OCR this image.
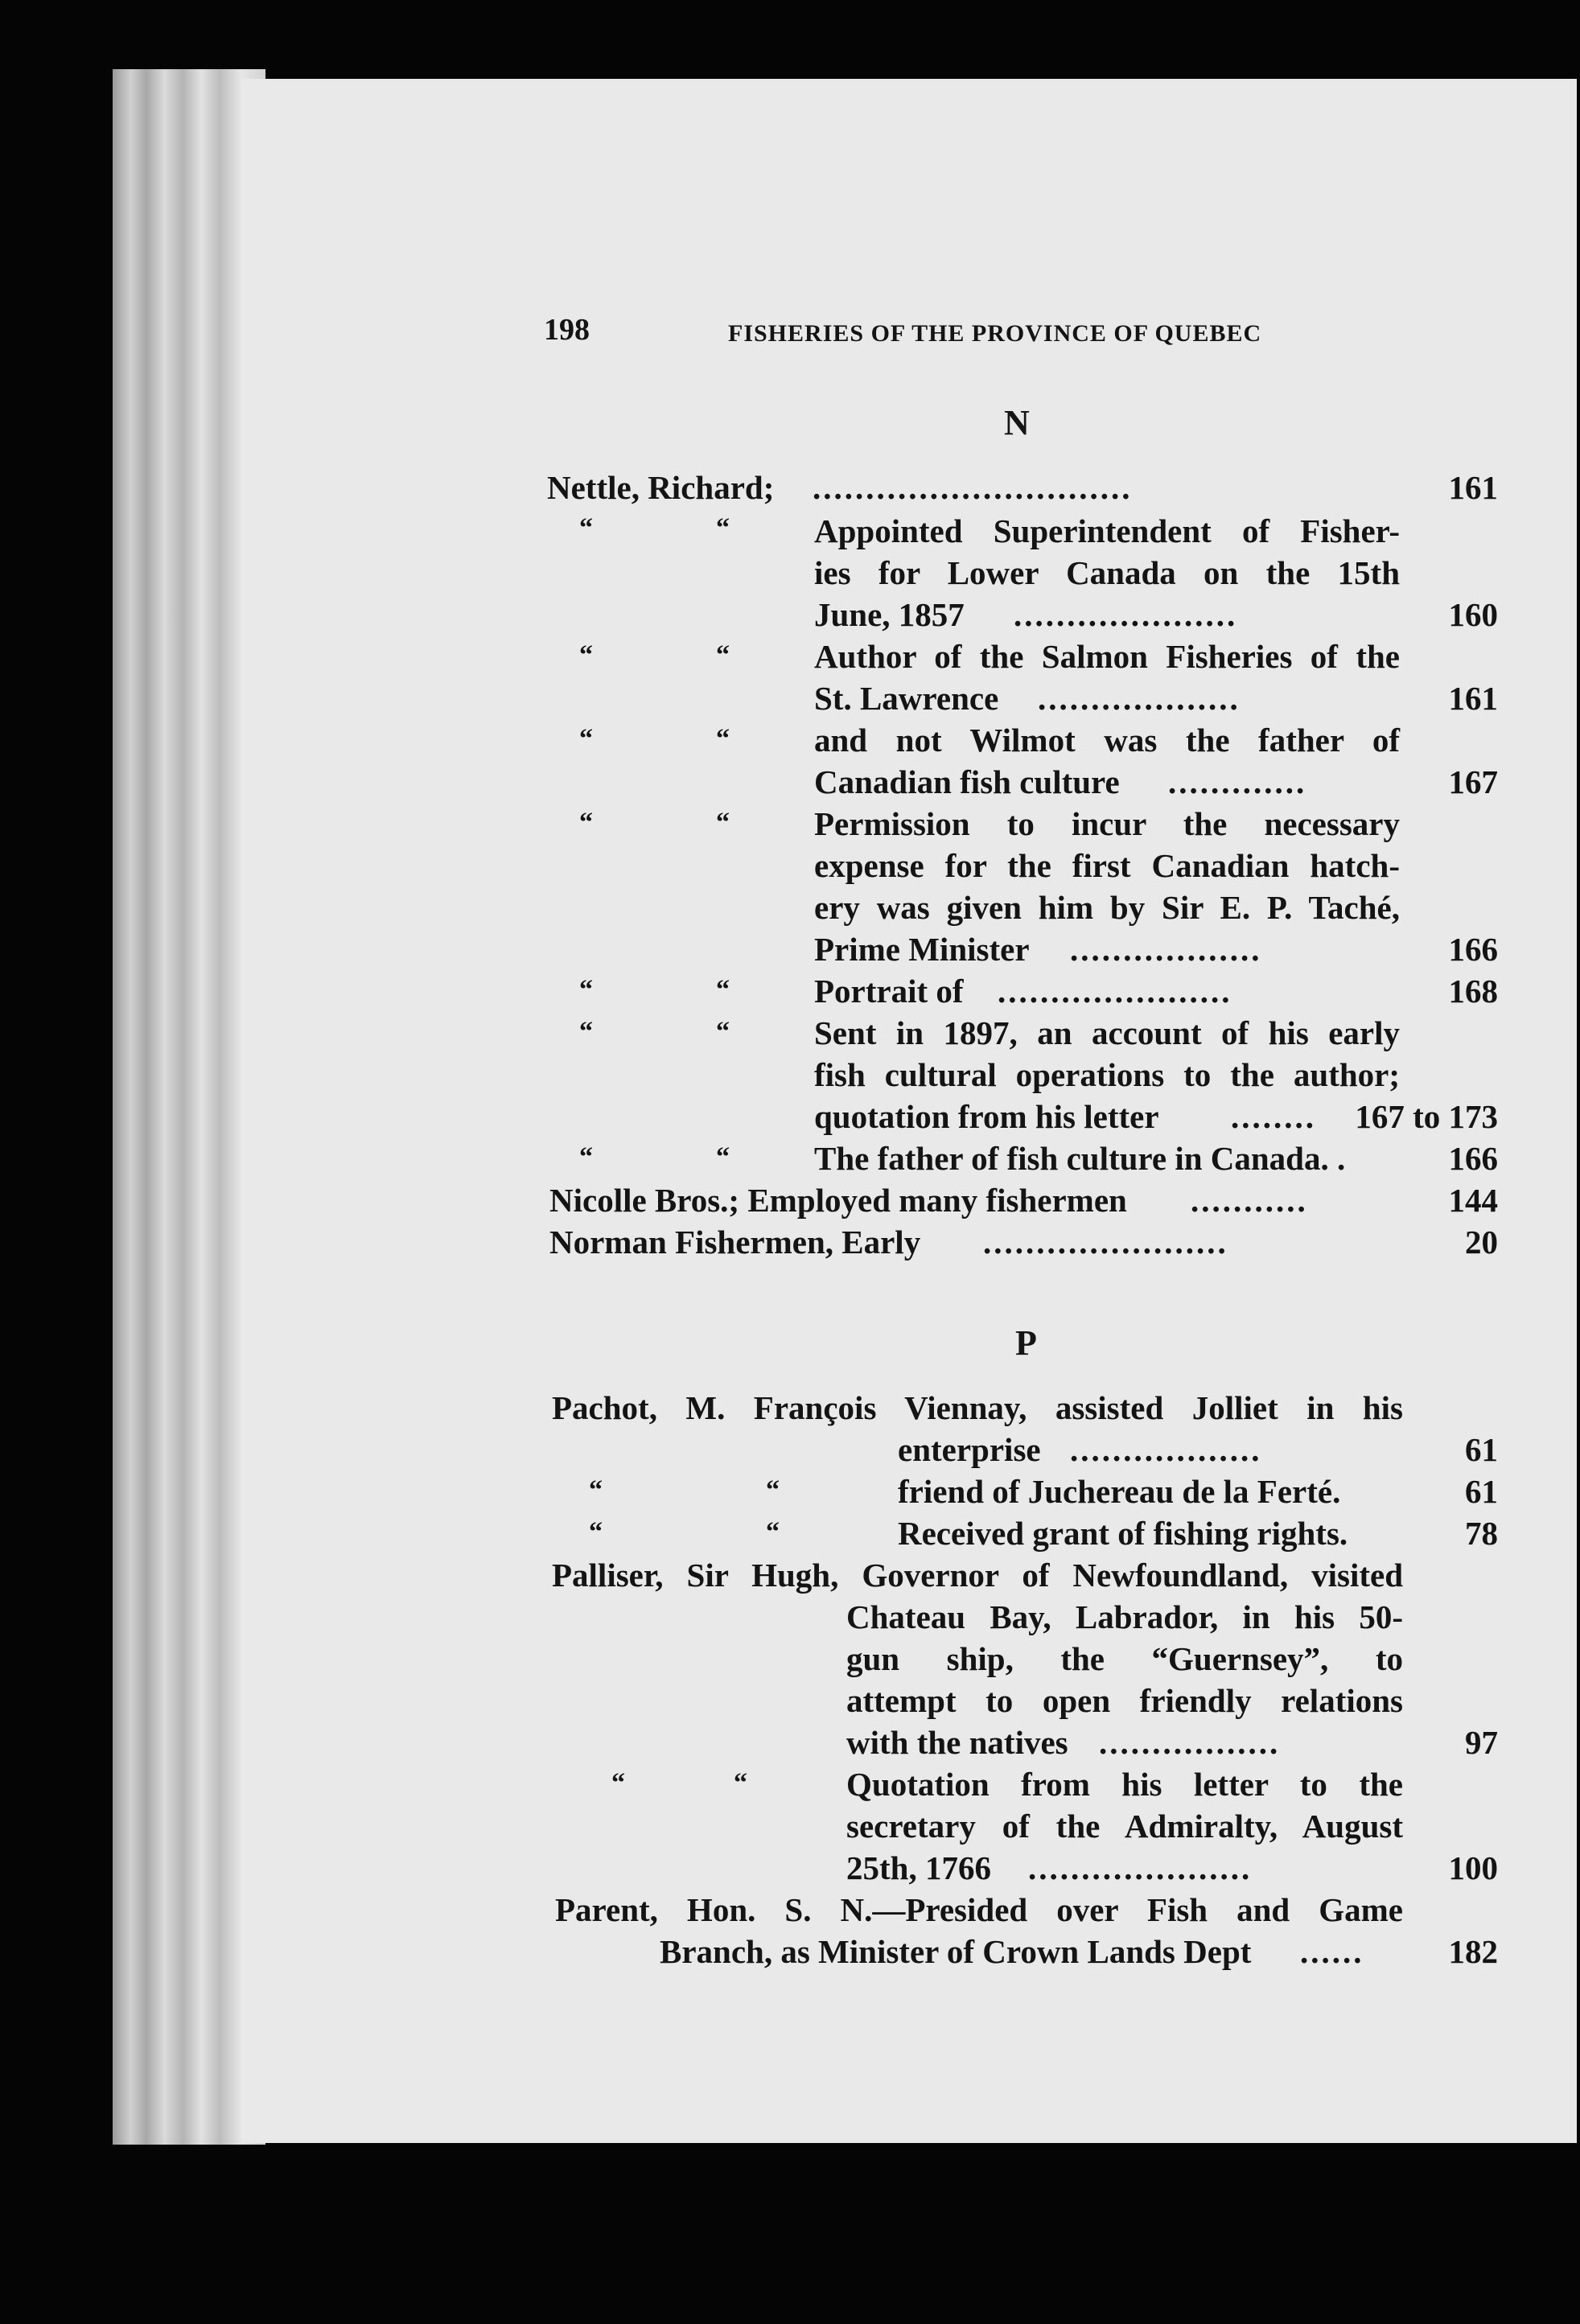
198	FISHERIES OF THE PROVINCE OF QUEBEC
N
Nettle, Richard; ..............................	161
“	“	Appointed Superintendent of Fisher-
ies for Lower Canada on the 15th
June, 1857 .....................	160
“	“	Author of the Salmon Fisheries of the
St. Lawrence ...................	161
“	“	and not Wilmot was the father of
Canadian fish culture .............	167
“	“	Permission to incur the necessary
expense for the first Canadian hatch-
ery was given him by Sir E. P. Taché,
Prime Minister ..................	166
“	“	Portrait of ......................	168
“	“	Sent in 1897, an account of his early
fish cultural operations to the author;
quotation from his letter ........	167 to 173
“	“	The father of fish culture in Canada. .	166
Nicolle Bros.; Employed many fishermen ...........	144
Norman Fishermen, Early .......................	20
P
Pachot, M. François Viennay, assisted Jolliet in his
enterprise ..................	61
“	“	friend of Juchereau de la Ferté.	61
“	“	Received grant of fishing rights.	78
Palliser, Sir Hugh, Governor of Newfoundland, visited
Chateau Bay, Labrador, in his 50-
gun ship, the “Guernsey”, to
attempt to open friendly relations
with the natives .................	97
“	“	Quotation from his letter to the
secretary of the Admiralty, August
25th, 1766 .....................	100
Parent, Hon. S. N.—Presided over Fish and Game
Branch, as Minister of Crown Lands Dept ......	182
